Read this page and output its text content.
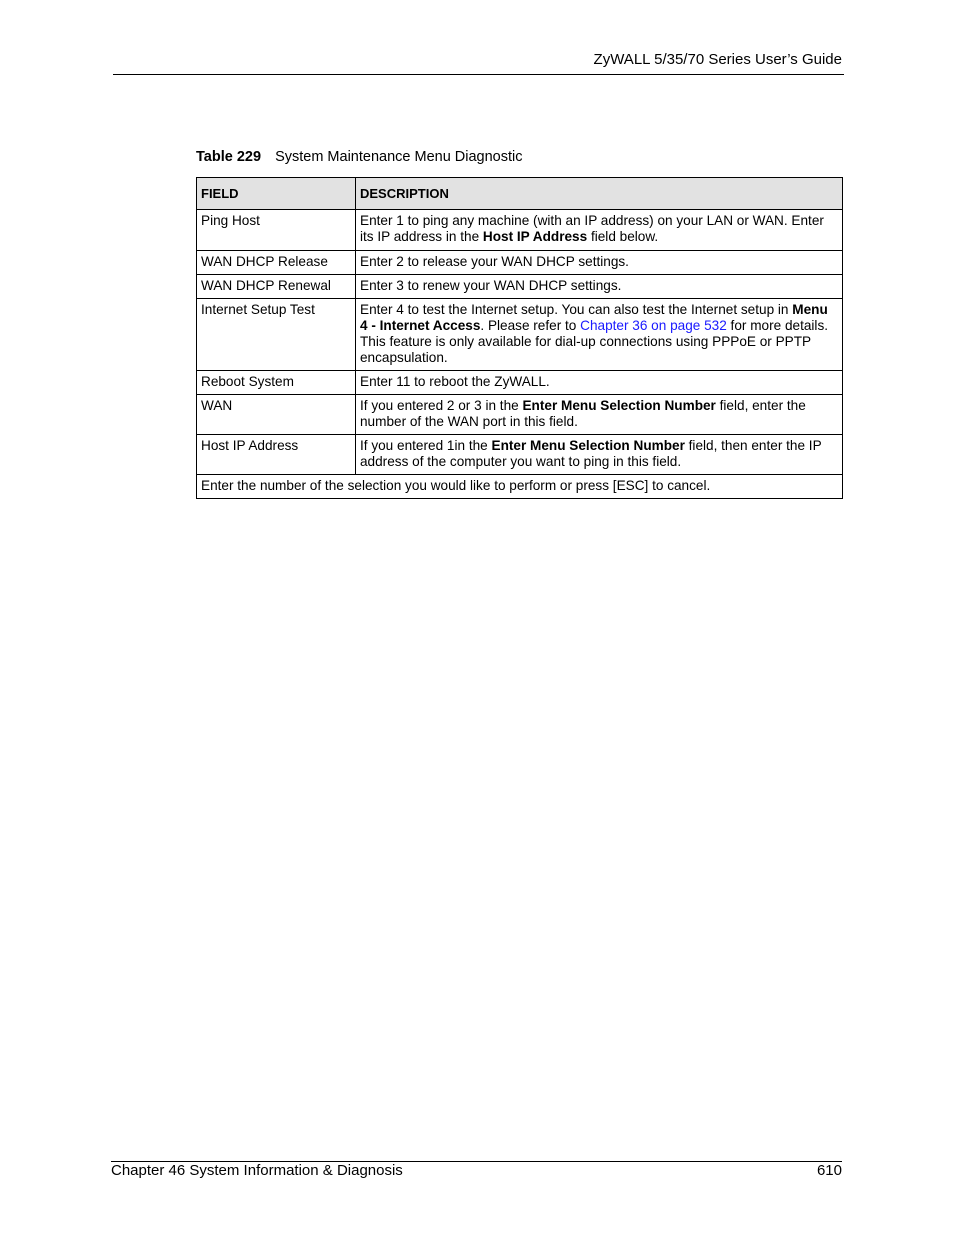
ZyWALL 5/35/70 Series User’s Guide
Table 229 System Maintenance Menu Diagnostic
FIELD	DESCRIPTION
Ping Host	Enter 1 to ping any machine (with an IP address) on your LAN or WAN. Enter its IP address in the Host IP Address field below.
WAN DHCP Release	Enter 2 to release your WAN DHCP settings.
WAN DHCP Renewal	Enter 3 to renew your WAN DHCP settings.
Internet Setup Test	Enter 4 to test the Internet setup. You can also test the Internet setup in Menu 4 - Internet Access. Please refer to Chapter 36 on page 532 for more details. This feature is only available for dial-up connections using PPPoE or PPTP encapsulation.
Reboot System	Enter 11 to reboot the ZyWALL.
WAN	If you entered 2 or 3 in the Enter Menu Selection Number field, enter the number of the WAN port in this field.
Host IP Address	If you entered 1in the Enter Menu Selection Number field, then enter the IP address of the computer you want to ping in this field.
Enter the number of the selection you would like to perform or press [ESC] to cancel.	
Chapter 46 System Information & Diagnosis	610
